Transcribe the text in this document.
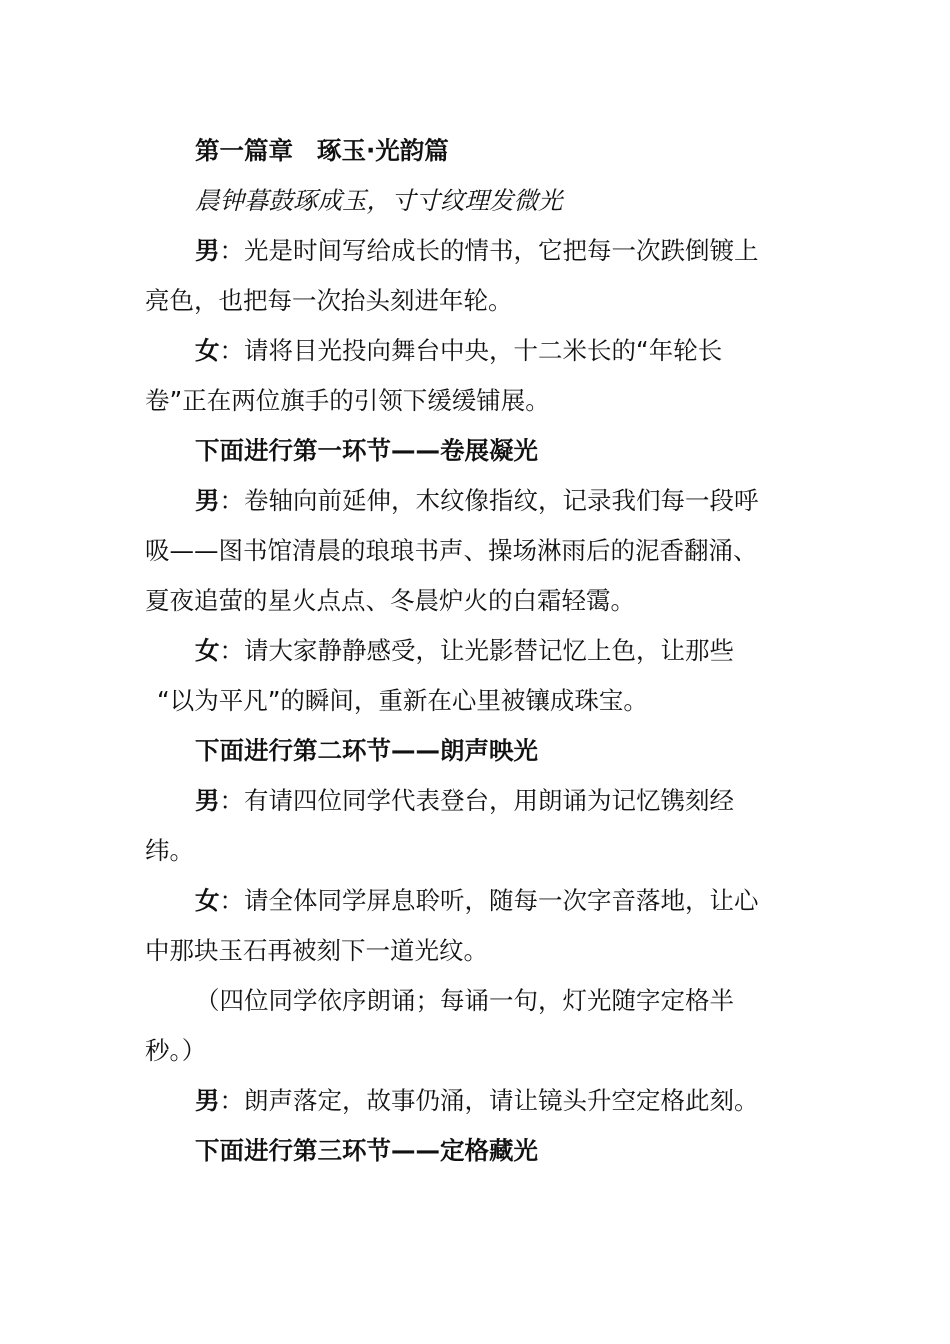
第一篇章 琢玉·光韵篇

晨钟暮鼓琢成玉，寸寸纹理发微光

男：光是时间写给成长的情书，它把每一次跌倒镀上

亮色，也把每一次抬头刻进年轮。

女：请将目光投向舞台中央，十二米长的“年轮长

卷”正在两位旗手的引领下缓缓铺展。

下面进行第一环节——卷展凝光

男：卷轴向前延伸，木纹像指纹，记录我们每一段呼

吸——图书馆清晨的琅琅书声、操场淋雨后的泥香翻涌、

夏夜追萤的星火点点、冬晨炉火的白霜轻霭。

女：请大家静静感受，让光影替记忆上色，让那些

“以为平凡”的瞬间，重新在心里被镶成珠宝。

下面进行第二环节——朗声映光

男：有请四位同学代表登台，用朗诵为记忆镌刻经

纬。

女：请全体同学屏息聆听，随每一次字音落地，让心

中那块玉石再被刻下一道光纹。

（四位同学依序朗诵；每诵一句，灯光随字定格半

秒。）

男：朗声落定，故事仍涌，请让镜头升空定格此刻。

下面进行第三环节——定格藏光
